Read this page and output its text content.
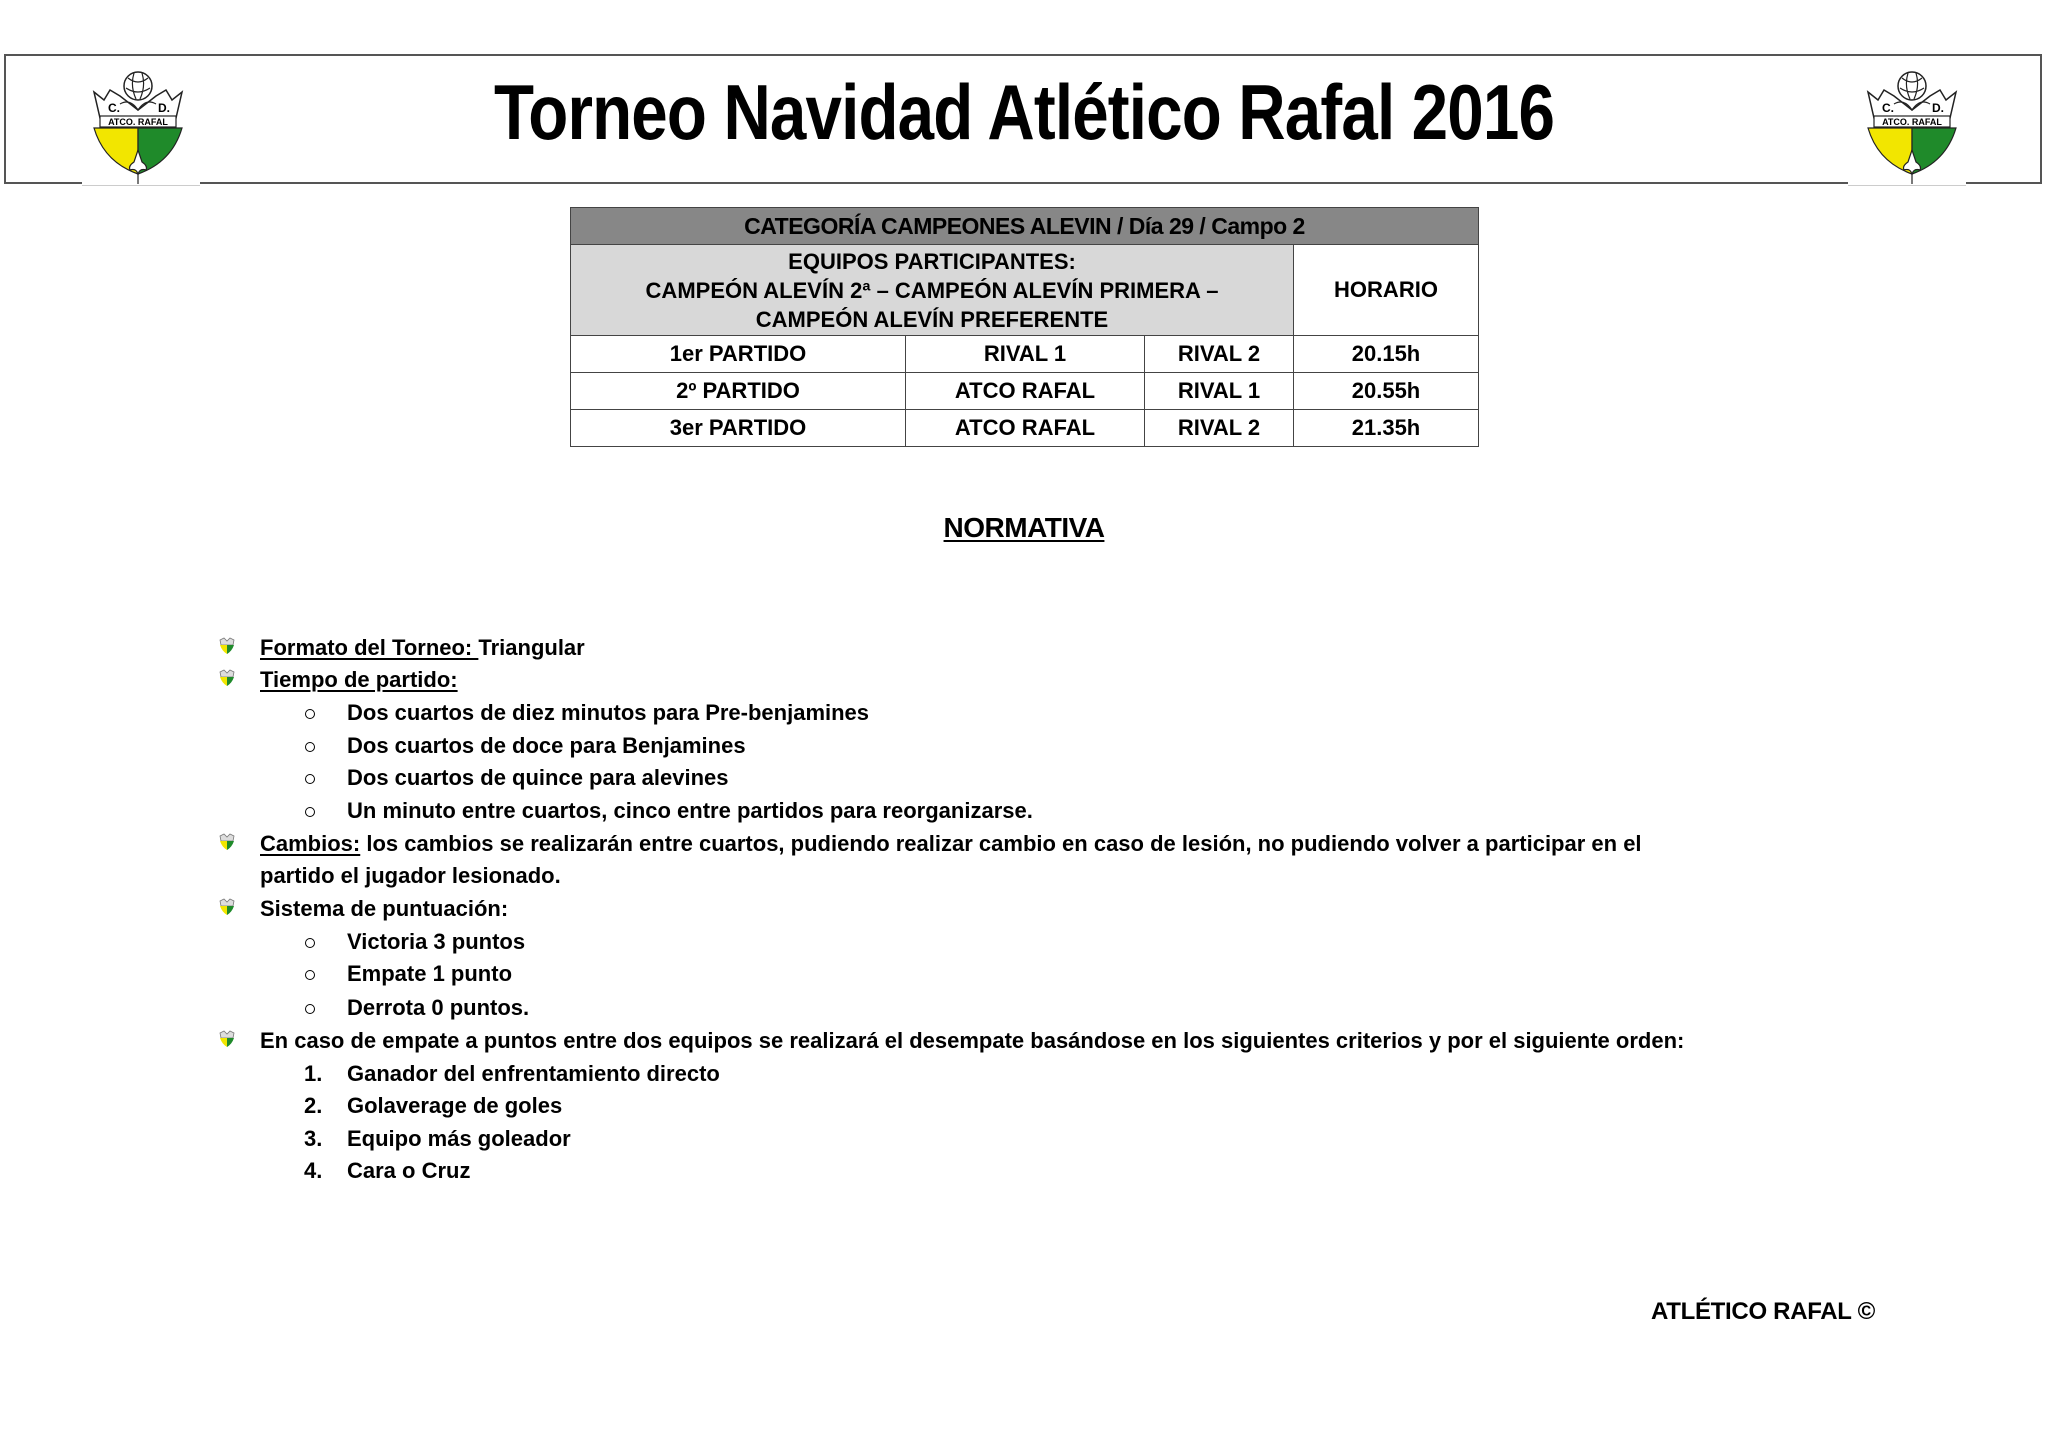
C.	D.
ATCO. RAFAL
C.	D.
ATCO. RAFAL
Torneo Navidad Atlético Rafal 2016
CATEGORÍA CAMPEONES ALEVIN / Día 29 / Campo 2			

EQUIPOS PARTICIPANTES:
CAMPEÓN ALEVÍN 2ª – CAMPEÓN ALEVÍN PRIMERA –
CAMPEÓN ALEVÍN PREFERENTE			HORARIO
1er PARTIDO	RIVAL 1	RIVAL 2	20.15h
2º PARTIDO	ATCO RAFAL	RIVAL 1	20.55h
3er PARTIDO	ATCO RAFAL	RIVAL 2	21.35h
NORMATIVA
Formato del Torneo: Triangular
Tiempo de partido:
Dos cuartos de diez minutos para Pre-benjamines
Dos cuartos de doce para Benjamines
Dos cuartos de quince para alevines
Un minuto entre cuartos, cinco entre partidos para reorganizarse.
Cambios: los cambios se realizarán entre cuartos, pudiendo realizar cambio en caso de lesión, no pudiendo volver a participar en el
partido el jugador lesionado.
Sistema de puntuación:
Victoria 3 puntos
Empate 1 punto
Derrota 0 puntos.
En caso de empate a puntos entre dos equipos se realizará el desempate basándose en los siguientes criterios y por el siguiente orden:
1. Ganador del enfrentamiento directo
2. Golaverage de goles
3. Equipo más goleador
4. Cara o Cruz
ATLÉTICO RAFAL ©
